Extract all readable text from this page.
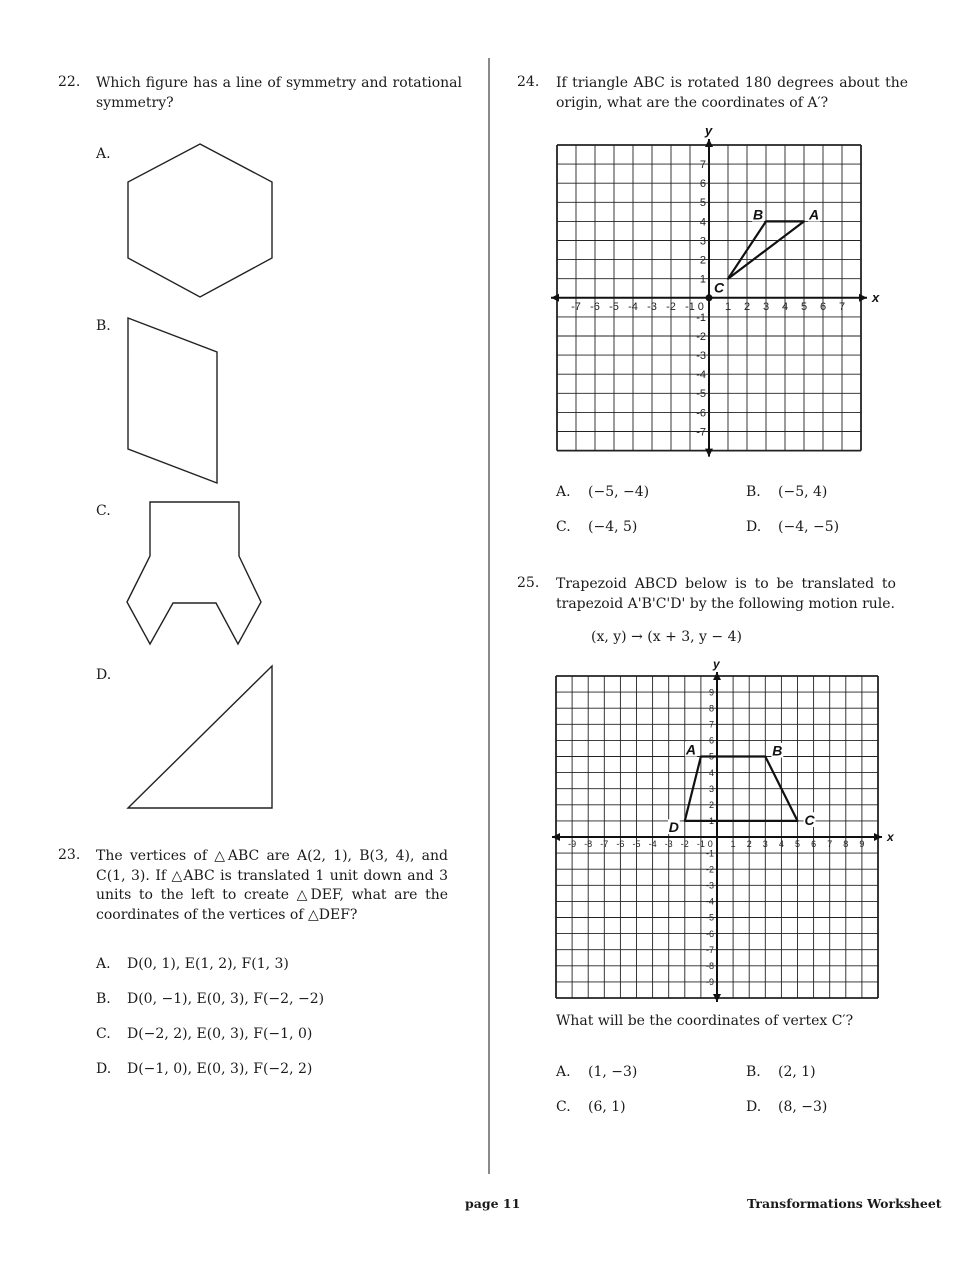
22. Which figure has a line of symmetry and rotational symmetry?
A.
B.
C.
D.
23. The vertices of △ABC are A(2, 1), B(3, 4), and C(1, 3). If △ABC is translated 1 unit down and 3 units to the left to create △DEF, what are the coordinates of the vertices of △DEF?
A. D(0, 1), E(1, 2), F(1, 3)
B. D(0, −1), E(0, 3), F(−2, −2)
C. D(−2, 2), E(0, 3), F(−1, 0)
D. D(−1, 0), E(0, 3), F(−2, 2)
24. If triangle ABC is rotated 180 degrees about the origin, what are the coordinates of A′?
x
y
-7
-7
-6
-6
-5
-5
-4
-4
-3
-3
-2
-2
-1
-1
0 1
1
2
2
3
3
4
4
5
5
6
6
7
7
A
B
C
A. (−5, −4)	B. (−5, 4)
C. (−4, 5)	D. (−4, −5)
25. Trapezoid ABCD below is to be translated to trapezoid A'B'C'D' by the following motion rule.
(x, y) → (x + 3, y − 4)
x
y
-9
-9
-8
-8
-7
-7
-6
-6
-5
-5
-4
-4
-3
-3
-2
-2
-1
-1
0 1
1
2
2
3
3
4
4
5
5
6
6
7
7
8
8
9
9
A	B
C
D
What will be the coordinates of vertex C′?
A. (1, −3)	B. (2, 1)
C. (6, 1)	D. (8, −3)
page 11	Transformations Worksheet
